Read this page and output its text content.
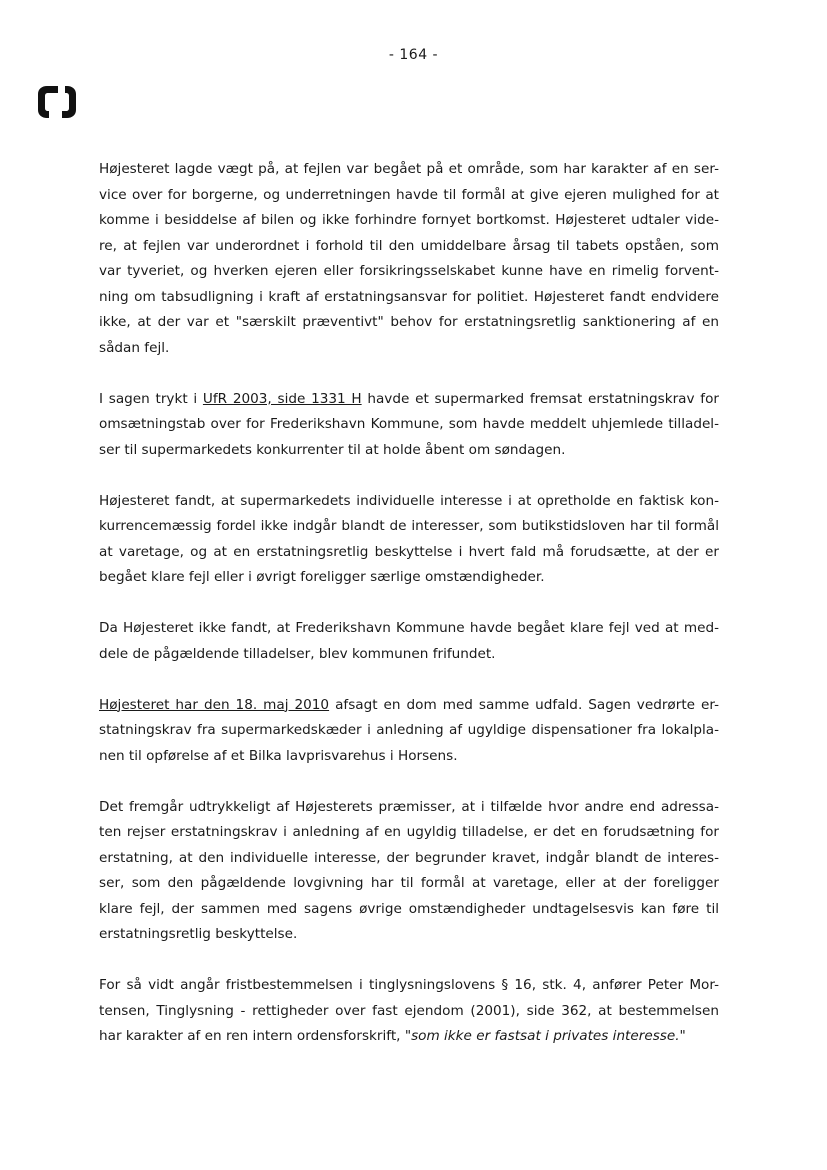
- 164 -

Højesteret lagde vægt på, at fejlen var begået på et område, som har karakter af en ser-
vice over for borgerne, og underretningen havde til formål at give ejeren mulighed for at
komme i besiddelse af bilen og ikke forhindre fornyet bortkomst. Højesteret udtaler vide-
re, at fejlen var underordnet i forhold til den umiddelbare årsag til tabets opståen, som
var tyveriet, og hverken ejeren eller forsikringsselskabet kunne have en rimelig forvent-
ning om tabsudligning i kraft af erstatningsansvar for politiet. Højesteret fandt endvidere
ikke, at der var et "særskilt præventivt" behov for erstatningsretlig sanktionering af en
sådan fejl.

I sagen trykt i UfR 2003, side 1331 H havde et supermarked fremsat erstatningskrav for
omsætningstab over for Frederikshavn Kommune, som havde meddelt uhjemlede tilladel-
ser til supermarkedets konkurrenter til at holde åbent om søndagen.

Højesteret fandt, at supermarkedets individuelle interesse i at opretholde en faktisk kon-
kurrencemæssig fordel ikke indgår blandt de interesser, som butikstidsloven har til formål
at varetage, og at en erstatningsretlig beskyttelse i hvert fald må forudsætte, at der er
begået klare fejl eller i øvrigt foreligger særlige omstændigheder.

Da Højesteret ikke fandt, at Frederikshavn Kommune havde begået klare fejl ved at med-
dele de pågældende tilladelser, blev kommunen frifundet.

Højesteret har den 18. maj 2010 afsagt en dom med samme udfald. Sagen vedrørte er-
statningskrav fra supermarkedskæder i anledning af ugyldige dispensationer fra lokalpla-
nen til opførelse af et Bilka lavprisvarehus i Horsens.

Det fremgår udtrykkeligt af Højesterets præmisser, at i tilfælde hvor andre end adressa-
ten rejser erstatningskrav i anledning af en ugyldig tilladelse, er det en forudsætning for
erstatning, at den individuelle interesse, der begrunder kravet, indgår blandt de interes-
ser, som den pågældende lovgivning har til formål at varetage, eller at der foreligger
klare fejl, der sammen med sagens øvrige omstændigheder undtagelsesvis kan føre til
erstatningsretlig beskyttelse.

For så vidt angår fristbestemmelsen i tinglysningslovens § 16, stk. 4, anfører Peter Mor-
tensen, Tinglysning - rettigheder over fast ejendom (2001), side 362, at bestemmelsen
har karakter af en ren intern ordensforskrift, "som ikke er fastsat i privates interesse."
